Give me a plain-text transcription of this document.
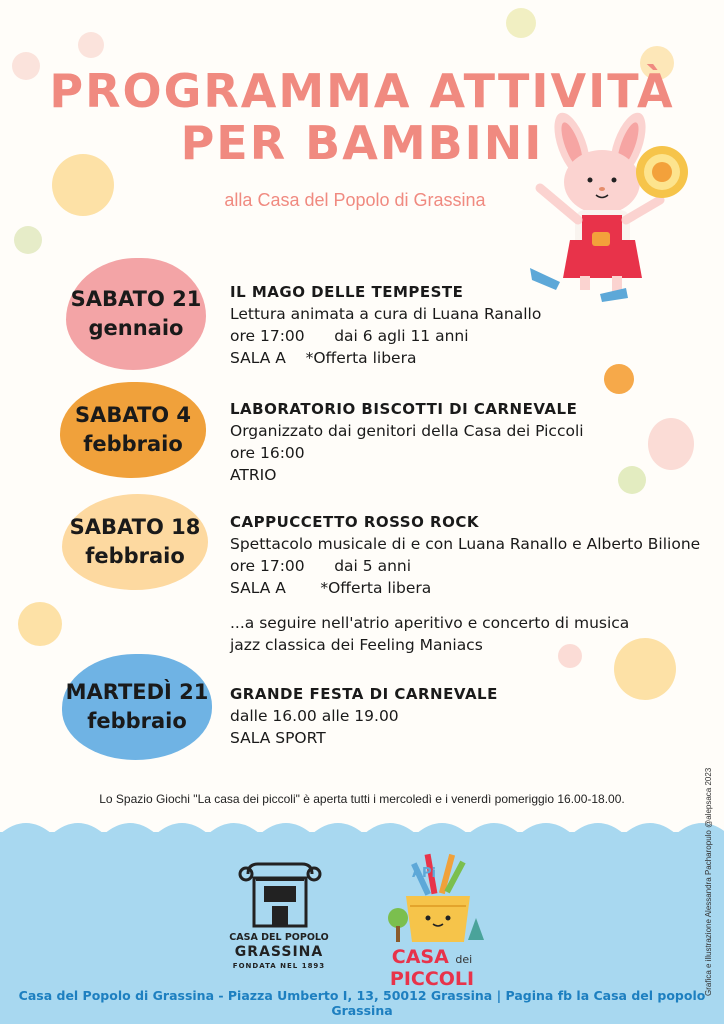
PROGRAMMA ATTIVITÀ
PER BAMBINI
alla Casa del Popolo di Grassina
SABATO 21
gennaio
SABATO 4
febbraio
SABATO 18
febbraio
MARTEDÌ 21
febbraio
IL MAGO DELLE TEMPESTE
Lettura animata a cura di Luana Ranallo
ore 17:00      dai 6 agli 11 anni
SALA A    *Offerta libera
LABORATORIO BISCOTTI DI CARNEVALE
Organizzato dai genitori della Casa dei Piccoli
ore 16:00
ATRIO
CAPPUCCETTO ROSSO ROCK
Spettacolo musicale di e con Luana Ranallo e Alberto Bilione
ore 17:00      dai 5 anni
SALA A       *Offerta libera
...a seguire nell'atrio aperitivo e concerto di musica
jazz classica dei Feeling Maniacs
GRANDE FESTA DI CARNEVALE
dalle 16.00 alle 19.00
SALA SPORT
Lo Spazio Giochi "La casa dei piccoli" è aperta tutti i mercoledì e i venerdì pomeriggio 16.00-18.00.	Grafica e illustrazione Alessandra Pacharopulo @alepsaca 2023
CASA DEL POPOLO
GRASSINA
FONDATA NEL 1893
APi
CASA dei PICCOLI
Casa del Popolo di Grassina - Piazza Umberto I, 13, 50012 Grassina | Pagina fb la Casa del popolo Grassina
